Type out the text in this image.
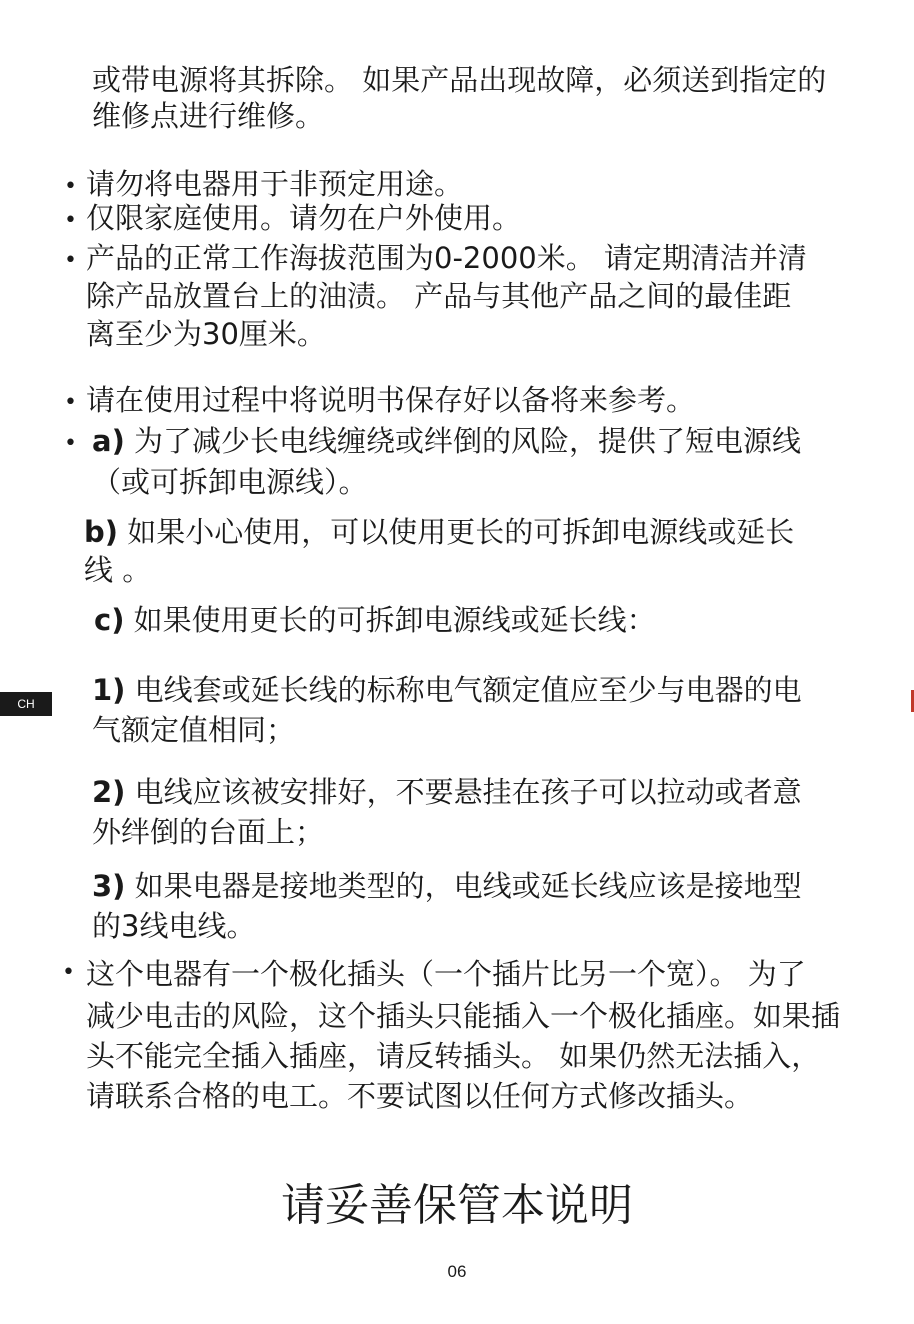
CH
或带电源将其拆除。 如果产品出现故障，必须送到指定的
维修点进行维修。
• 请勿将电器用于非预定用途。
• 仅限家庭使用。请勿在户外使用。
• 产品的正常工作海拔范围为0-2000米。 请定期清洁并清
除产品放置台上的油渍。 产品与其他产品之间的最佳距
离至少为30厘米。
• 请在使用过程中将说明书保存好以备将来参考。
• a) 为了减少长电线缠绕或绊倒的风险，提供了短电源线
（或可拆卸电源线）。
b) 如果小心使用，可以使用更长的可拆卸电源线或延长
线 。
c) 如果使用更长的可拆卸电源线或延长线：
1) 电线套或延长线的标称电气额定值应至少与电器的电
气额定值相同；
2) 电线应该被安排好，不要悬挂在孩子可以拉动或者意
外绊倒的台面上；
3) 如果电器是接地类型的，电线或延长线应该是接地型
的3线电线。
• 这个电器有一个极化插头（一个插片比另一个宽）。 为了
减少电击的风险，这个插头只能插入一个极化插座。如果插
头不能完全插入插座，请反转插头。 如果仍然无法插入，
请联系合格的电工。不要试图以任何方式修改插头。
请妥善保管本说明
06
